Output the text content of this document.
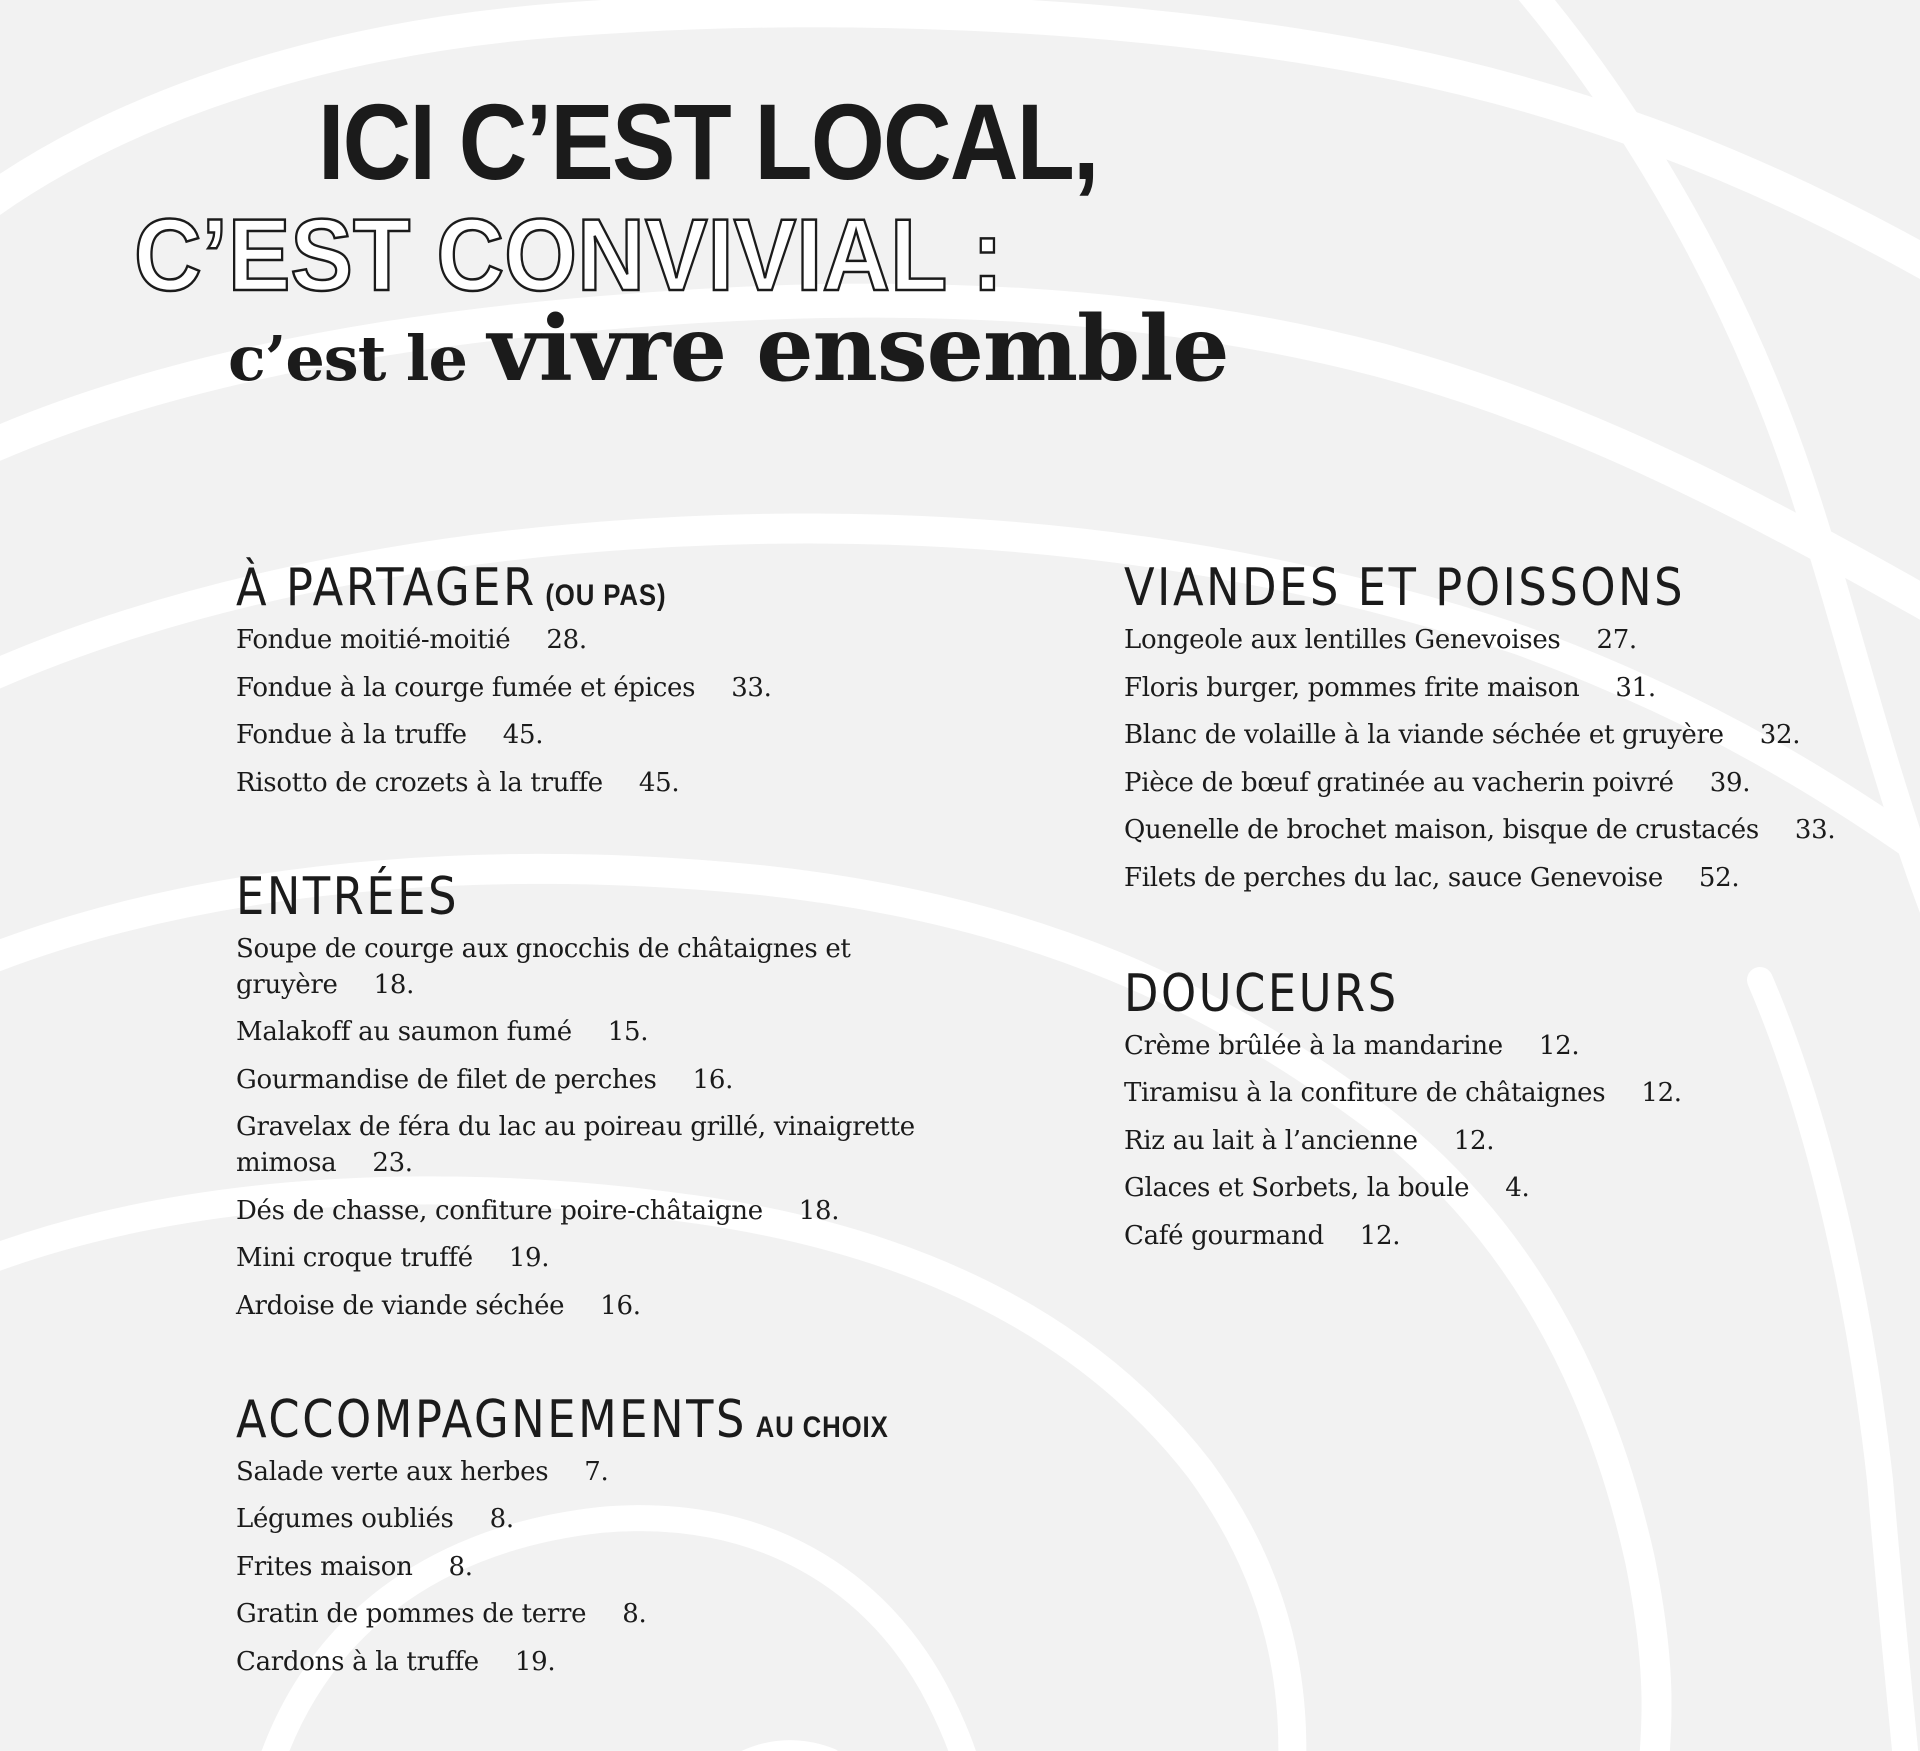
ICI C’EST LOCAL,
C’EST CONVIVIAL :
c’est le vivre ensemble
À PARTAGER (OU PAS)
Fondue moitié-moitié 28.
Fondue à la courge fumée et épices 33.
Fondue à la truffe 45.
Risotto de crozets à la truffe 45.
ENTRÉES
Soupe de courge aux gnocchis de châtaignes et gruyère 18.
Malakoff au saumon fumé 15.
Gourmandise de filet de perches 16.
Gravelax de féra du lac au poireau grillé, vinaigrette mimosa 23.
Dés de chasse, confiture poire-châtaigne 18.
Mini croque truffé 19.
Ardoise de viande séchée 16.
ACCOMPAGNEMENTS AU CHOIX
Salade verte aux herbes 7.
Légumes oubliés 8.
Frites maison 8.
Gratin de pommes de terre 8.
Cardons à la truffe 19.
VIANDES ET POISSONS
Longeole aux lentilles Genevoises 27.
Floris burger, pommes frite maison 31.
Blanc de volaille à la viande séchée et gruyère 32.
Pièce de bœuf gratinée au vacherin poivré 39.
Quenelle de brochet maison, bisque de crustacés 33.
Filets de perches du lac, sauce Genevoise 52.
DOUCEURS
Crème brûlée à la mandarine 12.
Tiramisu à la confiture de châtaignes 12.
Riz au lait à l’ancienne 12.
Glaces et Sorbets, la boule 4.
Café gourmand 12.
